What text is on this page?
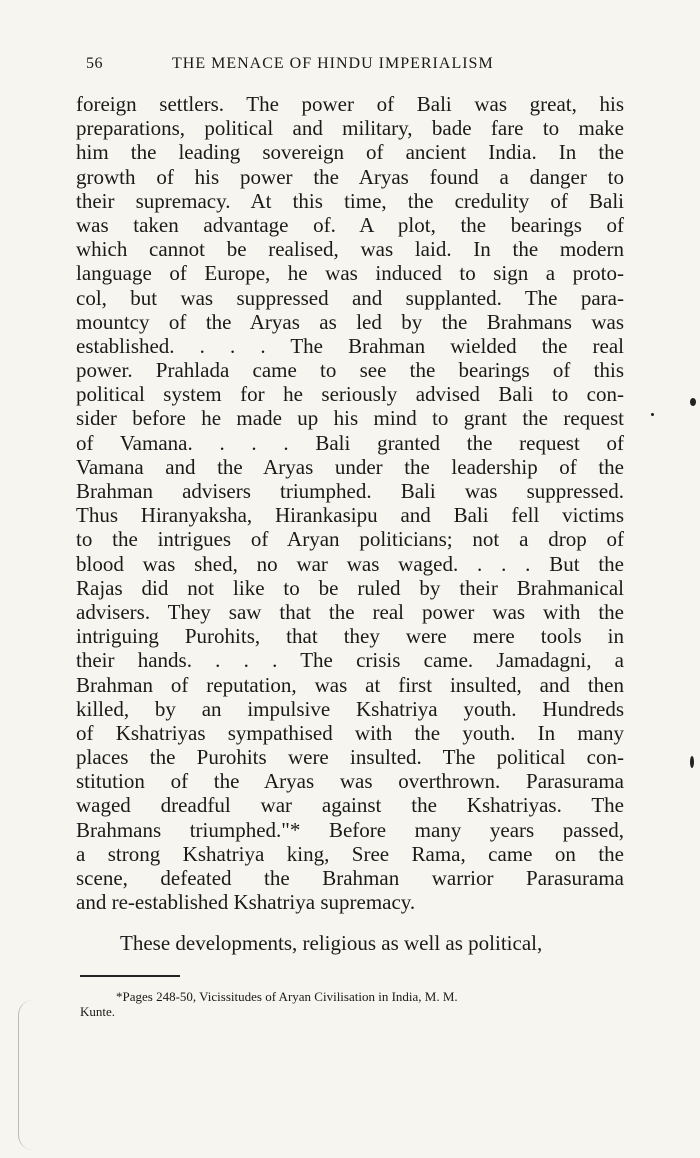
56	THE MENACE OF HINDU IMPERIALISM
foreign settlers. The power of Bali was great, his
preparations, political and military, bade fare to make
him the leading sovereign of ancient India. In the
growth of his power the Aryas found a danger to
their supremacy. At this time, the credulity of Bali
was taken advantage of. A plot, the bearings of
which cannot be realised, was laid. In the modern
language of Europe, he was induced to sign a proto-
col, but was suppressed and supplanted. The para-
mountcy of the Aryas as led by the Brahmans was
established. . . . The Brahman wielded the real
power. Prahlada came to see the bearings of this
political system for he seriously advised Bali to con-
sider before he made up his mind to grant the request
of Vamana. . . . Bali granted the request of
Vamana and the Aryas under the leadership of the
Brahman advisers triumphed. Bali was suppressed.
Thus Hiranyaksha, Hirankasipu and Bali fell victims
to the intrigues of Aryan politicians; not a drop of
blood was shed, no war was waged. . . . But the
Rajas did not like to be ruled by their Brahmanical
advisers. They saw that the real power was with the
intriguing Purohits, that they were mere tools in
their hands. . . . The crisis came. Jamadagni, a
Brahman of reputation, was at first insulted, and then
killed, by an impulsive Kshatriya youth. Hundreds
of Kshatriyas sympathised with the youth. In many
places the Purohits were insulted. The political con-
stitution of the Aryas was overthrown. Parasurama
waged dreadful war against the Kshatriyas. The
Brahmans triumphed."* Before many years passed,
a strong Kshatriya king, Sree Rama, came on the
scene, defeated the Brahman warrior Parasurama
and re-established Kshatriya supremacy.
These developments, religious as well as political,
*Pages 248-50, Vicissitudes of Aryan Civilisation in India, M. M.
Kunte.
